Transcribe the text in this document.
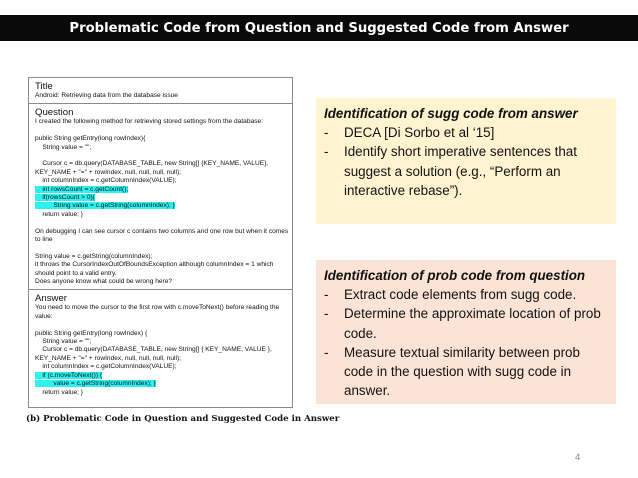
Problematic Code from Question and Suggested Code from Answer
Title
Android: Retrieving data from the database issue
Question
I created the following method for retrieving stored settings from the database:
public String getEntry(long rowIndex){
String value = "";
Cursor c = db.query(DATABASE_TABLE, new String[] {KEY_NAME, VALUE},
KEY_NAME + "=" + rowIndex, null, null, null, null);
int columnIndex = c.getColumnIndex(VALUE);
int rowsCount = c.getCount();
if(rowsCount > 0){
String value = c.getString(columnIndex); }
return value; }
On debugging I can see cursor c contains two columns and one row but when it comes
to line
String value = c.getString(columnIndex);
it throws the CursorIndexOutOfBoundsException although columnIndex = 1 which
should point to a valid entry.
Does anyone know what could be wrong here?
Answer
You need to move the cursor to the first row with c.moveToNext() before reading the
value:
public String getEntry(long rowIndex) {
String value = "";
Cursor c = db.query(DATABASE_TABLE, new String[] { KEY_NAME, VALUE },
KEY_NAME + "=" + rowIndex, null, null, null, null);
int columnIndex = c.getColumnIndex(VALUE);
if (c.moveToNext()) {
value = c.getString(columnIndex); }
return value; }
(b) Problematic Code in Question and Suggested Code in Answer
Identification of sugg code from answer
- DECA [Di Sorbo et al ‘15]
- Identify short imperative sentences that suggest a solution (e.g., “Perform an interactive rebase”).
Identification of prob code from question
- Extract code elements from sugg code.
- Determine the approximate location of prob code.
- Measure textual similarity between prob code in the question with sugg code in answer.
4
